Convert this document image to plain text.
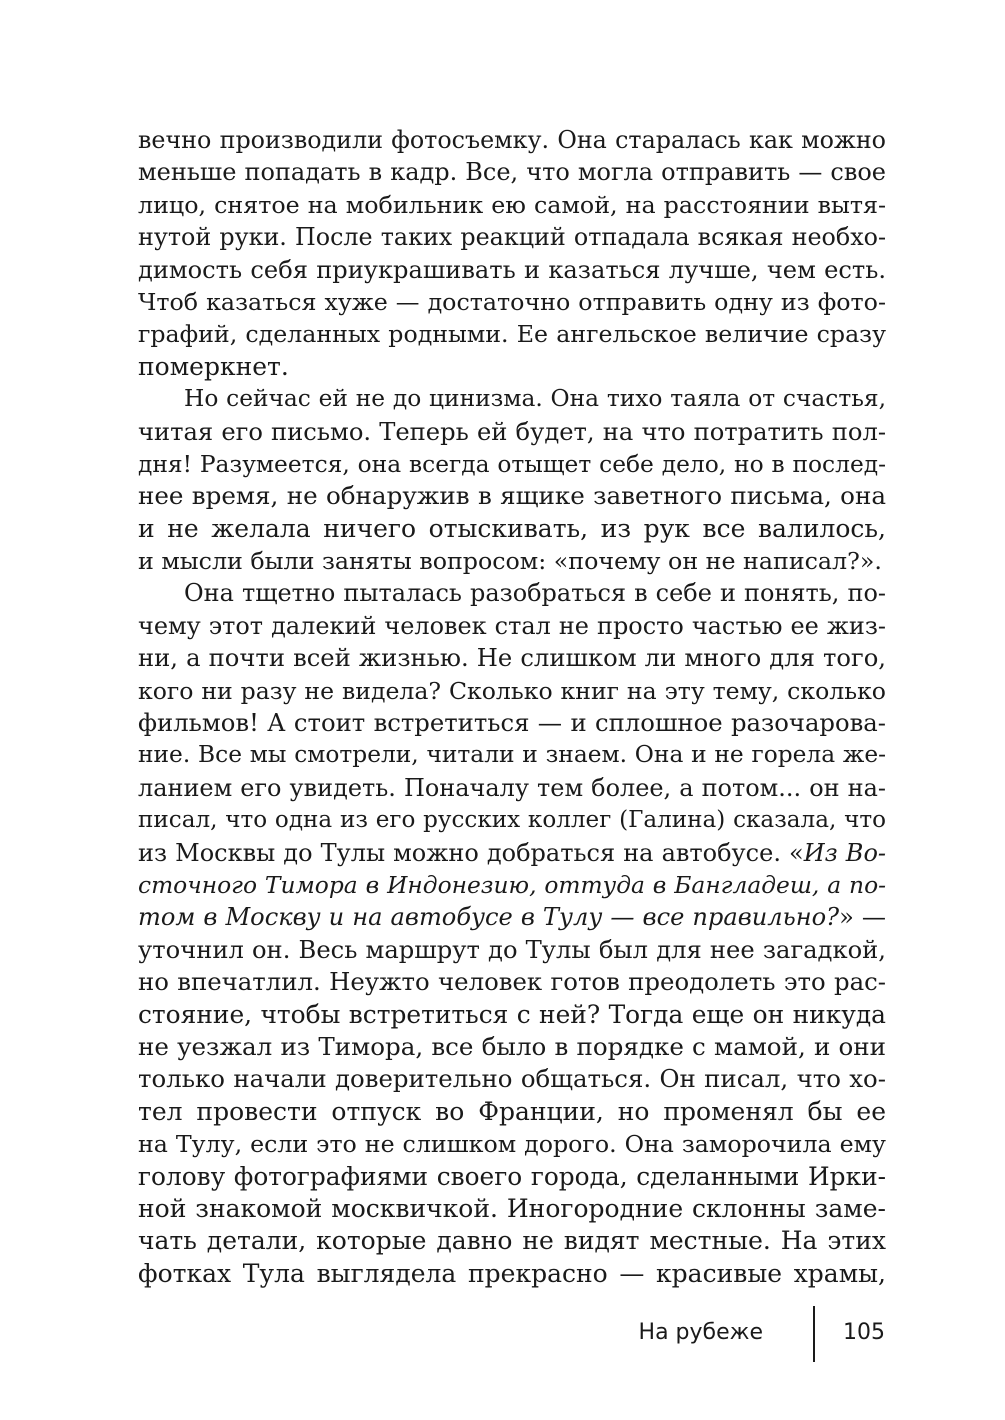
вечно производили фотосъемку. Она старалась как можно
меньше попадать в кадр. Все, что могла отправить — свое
лицо, снятое на мобильник ею самой, на расстоянии вытя-
нутой руки. После таких реакций отпадала всякая необхо-
димость себя приукрашивать и казаться лучше, чем есть.
Чтоб казаться хуже — достаточно отправить одну из фото-
графий, сделанных родными. Ее ангельское величие сразу
померкнет.
Но сейчас ей не до цинизма. Она тихо таяла от счастья,
читая его письмо. Теперь ей будет, на что потратить пол-
дня! Разумеется, она всегда отыщет себе дело, но в послед-
нее время, не обнаружив в ящике заветного письма, она
и не желала ничего отыскивать, из рук все валилось,
и мысли были заняты вопросом: «почему он не написал?».
Она тщетно пыталась разобраться в себе и понять, по-
чему этот далекий человек стал не просто частью ее жиз-
ни, а почти всей жизнью. Не слишком ли много для того,
кого ни разу не видела? Сколько книг на эту тему, сколько
фильмов! А стоит встретиться — и сплошное разочарова-
ние. Все мы смотрели, читали и знаем. Она и не горела же-
ланием его увидеть. Поначалу тем более, а потом... он на-
писал, что одна из его русских коллег (Галина) сказала, что
из Москвы до Тулы можно добраться на автобусе. «Из Во-
сточного Тимора в Индонезию, оттуда в Бангладеш, а по-
том в Москву и на автобусе в Тулу — все правильно?» —
уточнил он. Весь маршрут до Тулы был для нее загадкой,
но впечатлил. Неужто человек готов преодолеть это рас-
стояние, чтобы встретиться с ней? Тогда еще он никуда
не уезжал из Тимора, все было в порядке с мамой, и они
только начали доверительно общаться. Он писал, что хо-
тел провести отпуск во Франции, но променял бы ее
на Тулу, если это не слишком дорого. Она заморочила ему
голову фотографиями своего города, сделанными Ирки-
ной знакомой москвичкой. Иногородние склонны заме-
чать детали, которые давно не видят местные. На этих
фотках Тула выглядела прекрасно — красивые храмы,
На рубеже	105
